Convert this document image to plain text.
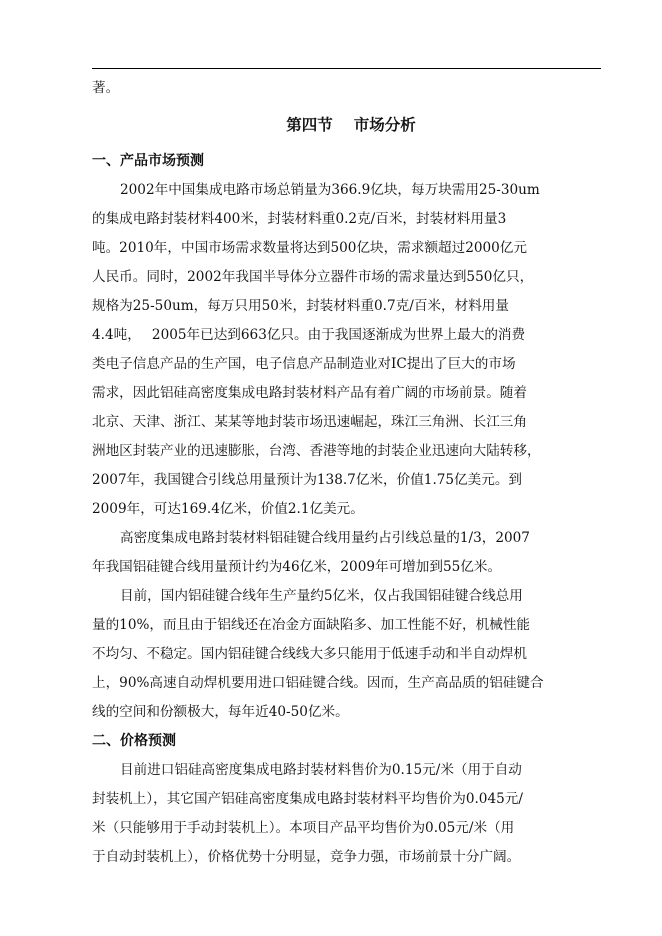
著。

第四节　 市场分析

一、产品市场预测

2002年中国集成电路市场总销量为366.9亿块，每万块需用25-30um

的集成电路封装材料400米，封装材料重0.2克/百米，封装材料用量3

吨。2010年，中国市场需求数量将达到500亿块，需求额超过2000亿元

人民币。同时，2002年我国半导体分立器件市场的需求量达到550亿只，

规格为25-50um，每万只用50米，封装材料重0.7克/百米，材料用量

4.4吨，　 2005年已达到663亿只。由于我国逐渐成为世界上最大的消费

类电子信息产品的生产国，电子信息产品制造业对IC提出了巨大的市场

需求，因此铝硅高密度集成电路封装材料产品有着广阔的市场前景。随着

北京、天津、浙江、某某等地封装市场迅速崛起，珠江三角洲、长江三角

洲地区封装产业的迅速膨胀，台湾、香港等地的封装企业迅速向大陆转移，

2007年，我国键合引线总用量预计为138.7亿米，价值1.75亿美元。到

2009年，可达169.4亿米，价值2.1亿美元。

高密度集成电路封装材料铝硅键合线用量约占引线总量的1/3，2007

年我国铝硅键合线用量预计约为46亿米，2009年可增加到55亿米。

目前，国内铝硅键合线年生产量约5亿米，仅占我国铝硅键合线总用

量的10%，而且由于铝线还在冶金方面缺陷多、加工性能不好，机械性能

不均匀、不稳定。国内铝硅键合线线大多只能用于低速手动和半自动焊机

上，90%高速自动焊机要用进口铝硅键合线。因而，生产高品质的铝硅键合

线的空间和份额极大，每年近40-50亿米。

二、价格预测

目前进口铝硅高密度集成电路封装材料售价为0.15元/米（用于自动

封装机上），其它国产铝硅高密度集成电路封装材料平均售价为0.045元/

米（只能够用于手动封装机上）。本项目产品平均售价为0.05元/米（用

于自动封装机上），价格优势十分明显，竞争力强，市场前景十分广阔。
